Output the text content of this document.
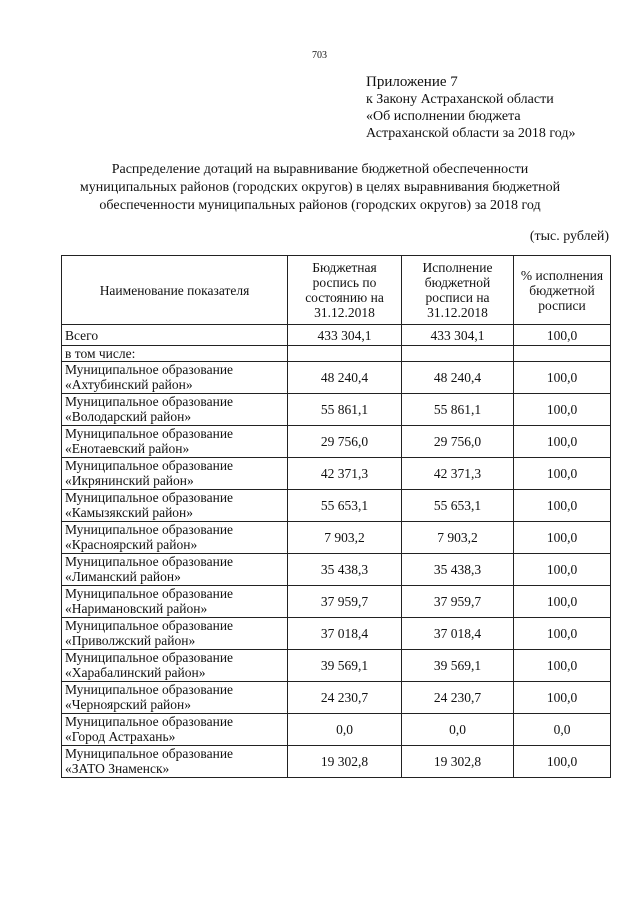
703
Приложение 7
к Закону Астраханской области
«Об исполнении бюджета
Астраханской области за 2018 год»
Распределение дотаций на выравнивание бюджетной обеспеченности
муниципальных районов (городских округов) в целях выравнивания бюджетной
обеспеченности муниципальных районов (городских округов) за 2018 год
(тыс. рублей)
Наименование показателя	Бюджетная роспись по состоянию на 31.12.2018	Исполнение бюджетной росписи на 31.12.2018	% исполнения бюджетной росписи
Всего	433 304,1	433 304,1	100,0
в том числе:			

Муниципальное образование
«Ахтубинский район»	48 240,4	48 240,4	100,0

Муниципальное образование
«Володарский район»	55 861,1	55 861,1	100,0

Муниципальное образование
«Енотаевский район»	29 756,0	29 756,0	100,0

Муниципальное образование
«Икрянинский район»	42 371,3	42 371,3	100,0

Муниципальное образование
«Камызякский район»	55 653,1	55 653,1	100,0

Муниципальное образование
«Красноярский район»	7 903,2	7 903,2	100,0

Муниципальное образование
«Лиманский район»	35 438,3	35 438,3	100,0

Муниципальное образование
«Наримановский район»	37 959,7	37 959,7	100,0

Муниципальное образование
«Приволжский район»	37 018,4	37 018,4	100,0

Муниципальное образование
«Харабалинский район»	39 569,1	39 569,1	100,0

Муниципальное образование
«Черноярский район»	24 230,7	24 230,7	100,0

Муниципальное образование
«Город Астрахань»	0,0	0,0	0,0

Муниципальное образование
«ЗАТО Знаменск»	19 302,8	19 302,8	100,0
